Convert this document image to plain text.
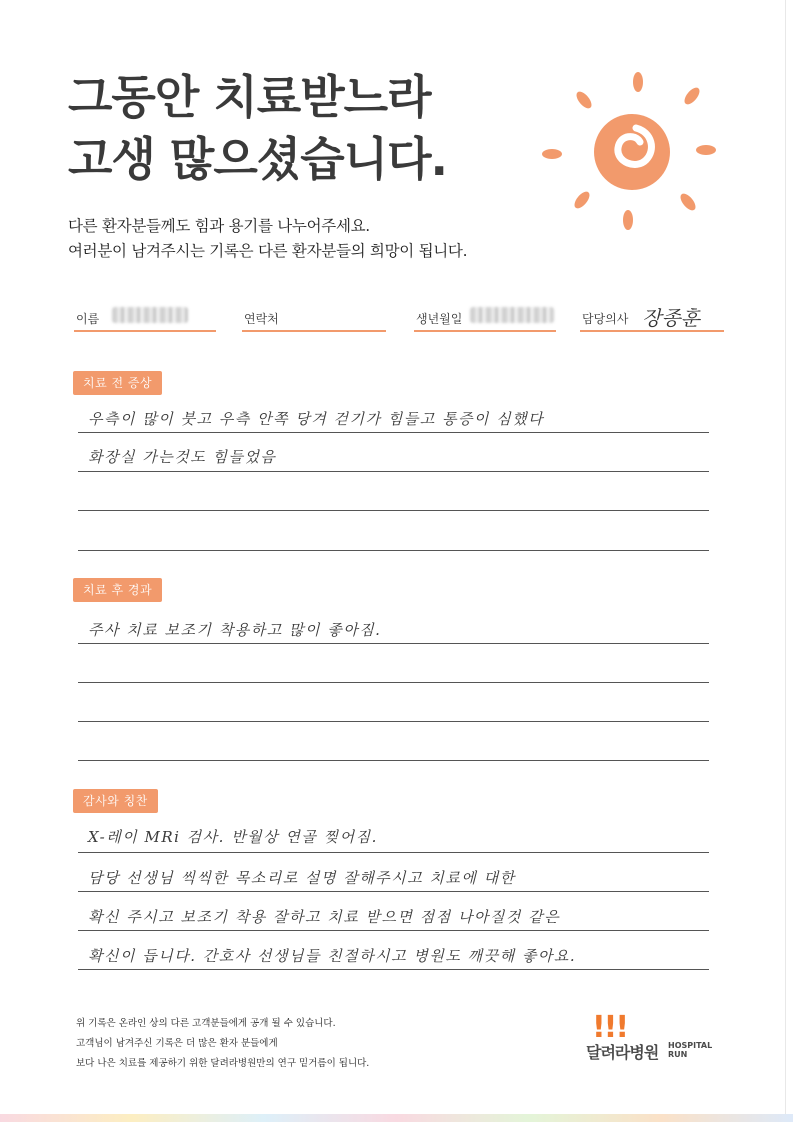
그동안 치료받느라
고생 많으셨습니다.
다른 환자분들께도 힘과 용기를 나누어주세요.
여러분이 남겨주시는 기록은 다른 환자분들의 희망이 됩니다.
이름	연락처	생년월일	담당의사 장종훈
치료 전 증상
우측이 많이 붓고 우측 안쪽 당겨 걷기가 힘들고 통증이 심했다
화장실 가는것도 힘들었음
치료 후 경과
주사 치료 보조기 착용하고 많이 좋아짐.
감사와 칭찬
X-레이 MRi 검사. 반월상 연골 찢어짐.
담당 선생님 씩씩한 목소리로 설명 잘해주시고 치료에 대한
확신 주시고 보조기 착용 잘하고 치료 받으면 점점 나아질것 같은
확신이 듭니다. 간호사 선생님들 친절하시고 병원도 깨끗해 좋아요.
위 기록은 온라인 상의 다른 고객분들에게 공개 될 수 있습니다.
고객님이 남겨주신 기록은 더 많은 환자 분들에게
보다 나은 치료를 제공하기 위한 달려라병원만의 연구 밑거름이 됩니다.
!!!
달려라병원 HOSPITAL
RUN
